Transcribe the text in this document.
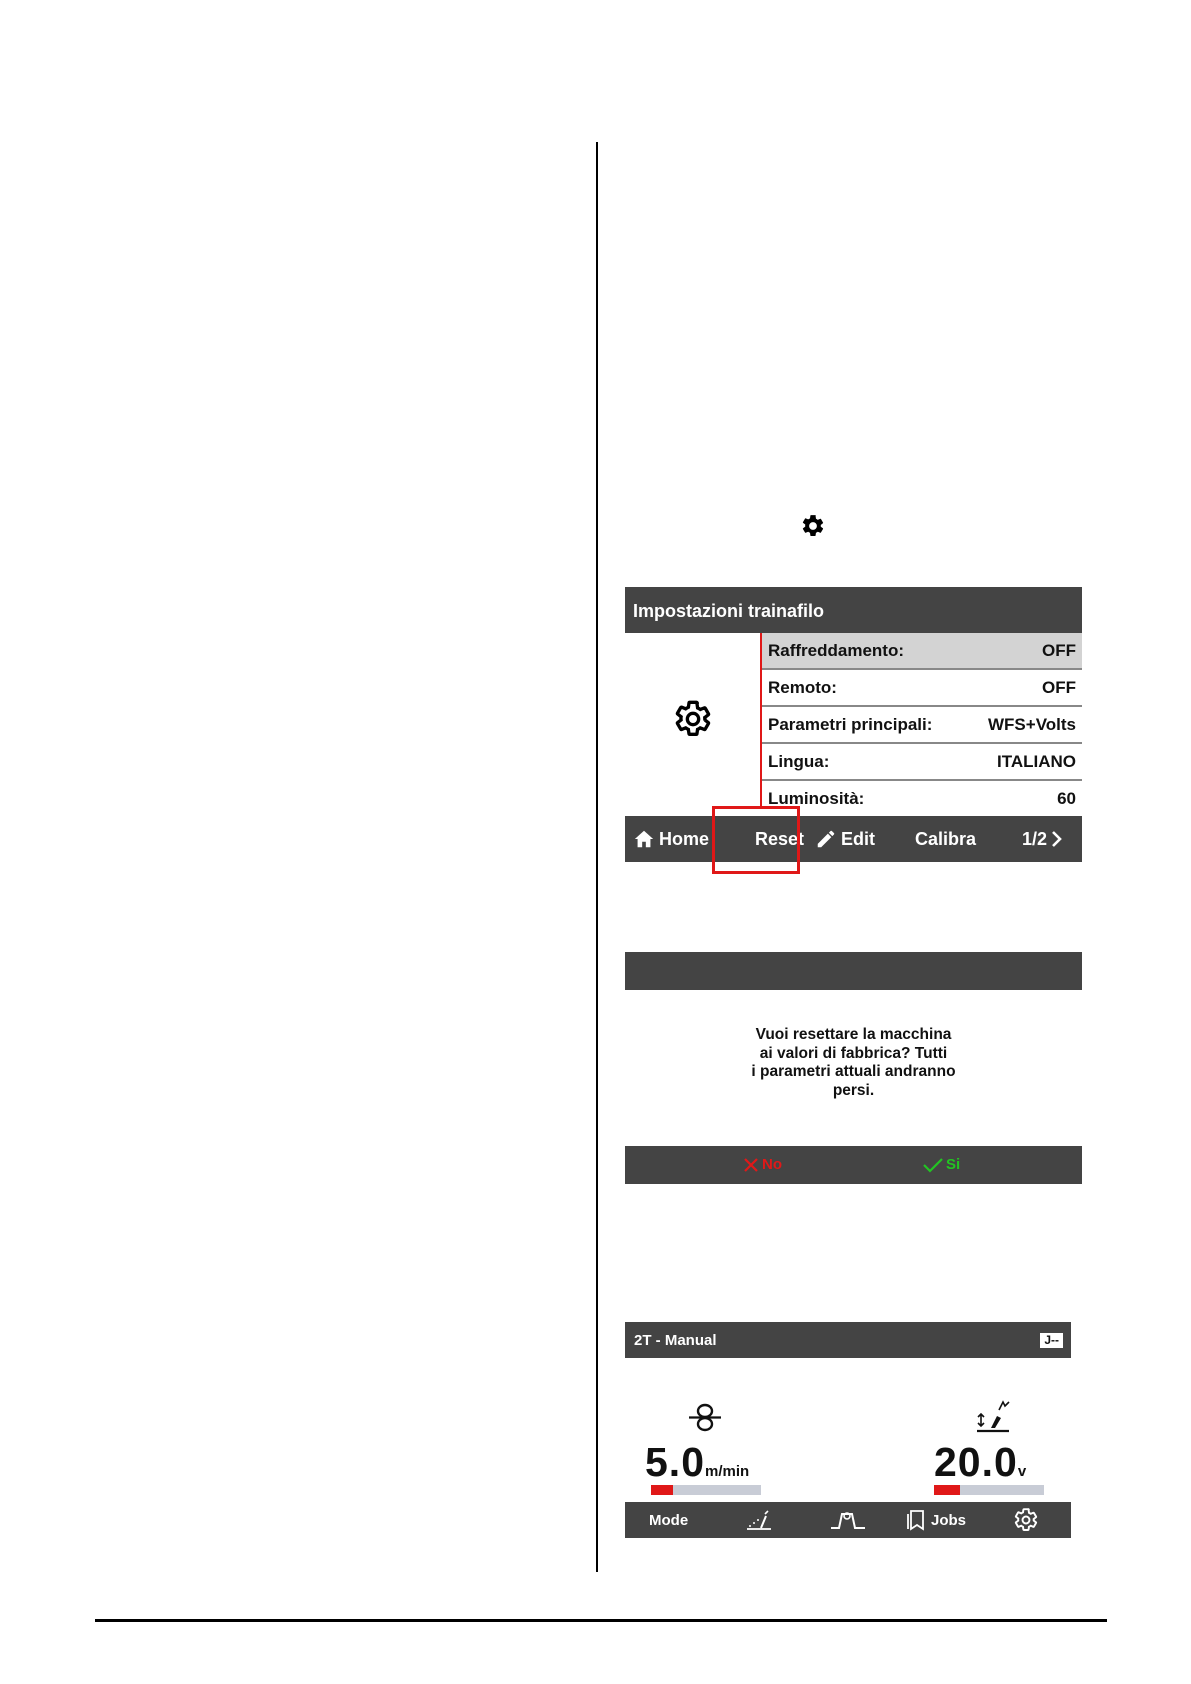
Impostazioni trainafilo
Raffreddamento:	OFF
Remoto:	OFF
Parametri principali:	WFS+Volts
Lingua:	ITALIANO
Luminosità:	60
Home	Reset Edit Calibra	1/2
Vuoi resettare la macchina
ai valori di fabbrica? Tutti
i parametri attuali andranno
persi.
No	Si
2T - Manual	J--
5.0m/min	20.0v
Mode	Jobs
